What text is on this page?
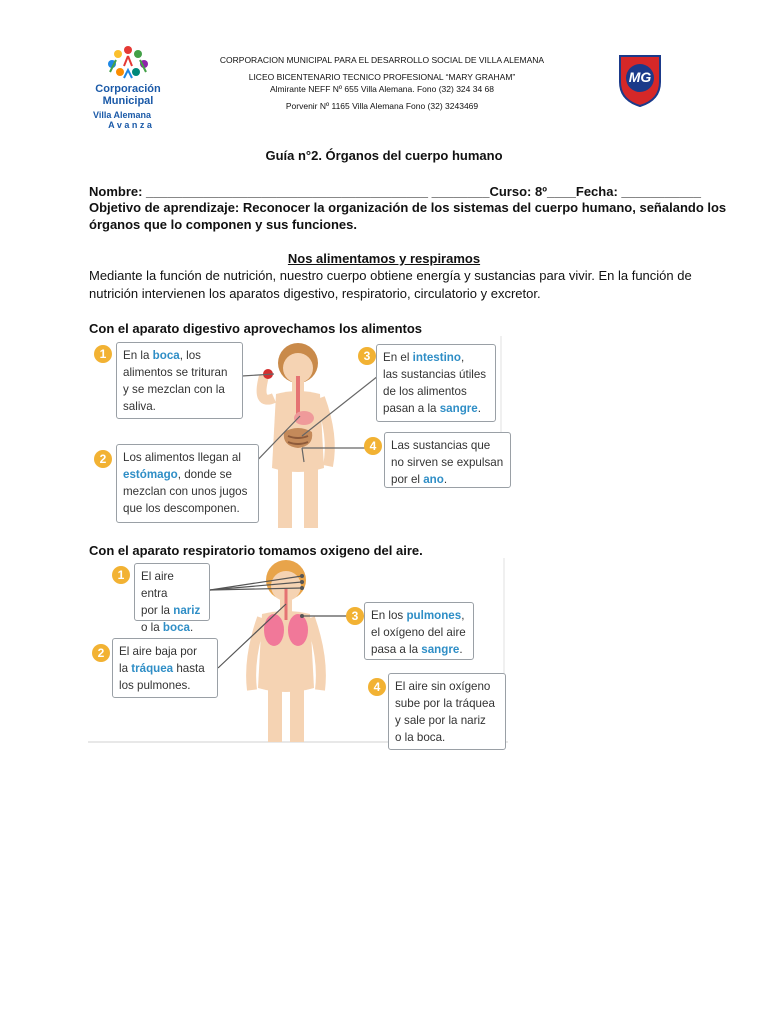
Corporación
Municipal
Villa Alemana
A v a n z a
CORPORACION MUNICIPAL PARA EL DESARROLLO SOCIAL DE VILLA ALEMANA
LICEO BICENTENARIO TECNICO PROFESIONAL “MARY GRAHAM”
Almirante NEFF Nº 655 Villa Alemana. Fono (32) 324 34 68
Porvenir Nº 1165 Villa Alemana Fono (32) 3243469
MG
Guía n°2. Órganos del cuerpo humano
Nombre: _______________________________________ ________Curso: 8º____Fecha: ___________
Objetivo de aprendizaje: Reconocer la organización de los sistemas del cuerpo humano, señalando los
órganos que lo componen y sus funciones.
Nos alimentamos y respiramos
Mediante la función de nutrición, nuestro cuerpo obtiene energía y sustancias para vivir. En la función de
nutrición intervienen los aparatos digestivo, respiratorio, circulatorio y excretor.
Con el aparato digestivo aprovechamos los alimentos
1	En la boca, los
alimentos se trituran
y se mezclan con la
saliva.
2	Los alimentos llegan al
estómago, donde se
mezclan con unos jugos
que los descomponen.
3	En el intestino,
las sustancias útiles
de los alimentos
pasan a la sangre.
4	Las sustancias que
no sirven se expulsan
por el ano.
Con el aparato respiratorio tomamos oxigeno del aire.
1	El aire entra
por la nariz
o la boca.
2	El aire baja por
la tráquea hasta
los pulmones.
3	En los pulmones,
el oxígeno del aire
pasa a la sangre.
4	El aire sin oxígeno
sube por la tráquea
y sale por la nariz
o la boca.
